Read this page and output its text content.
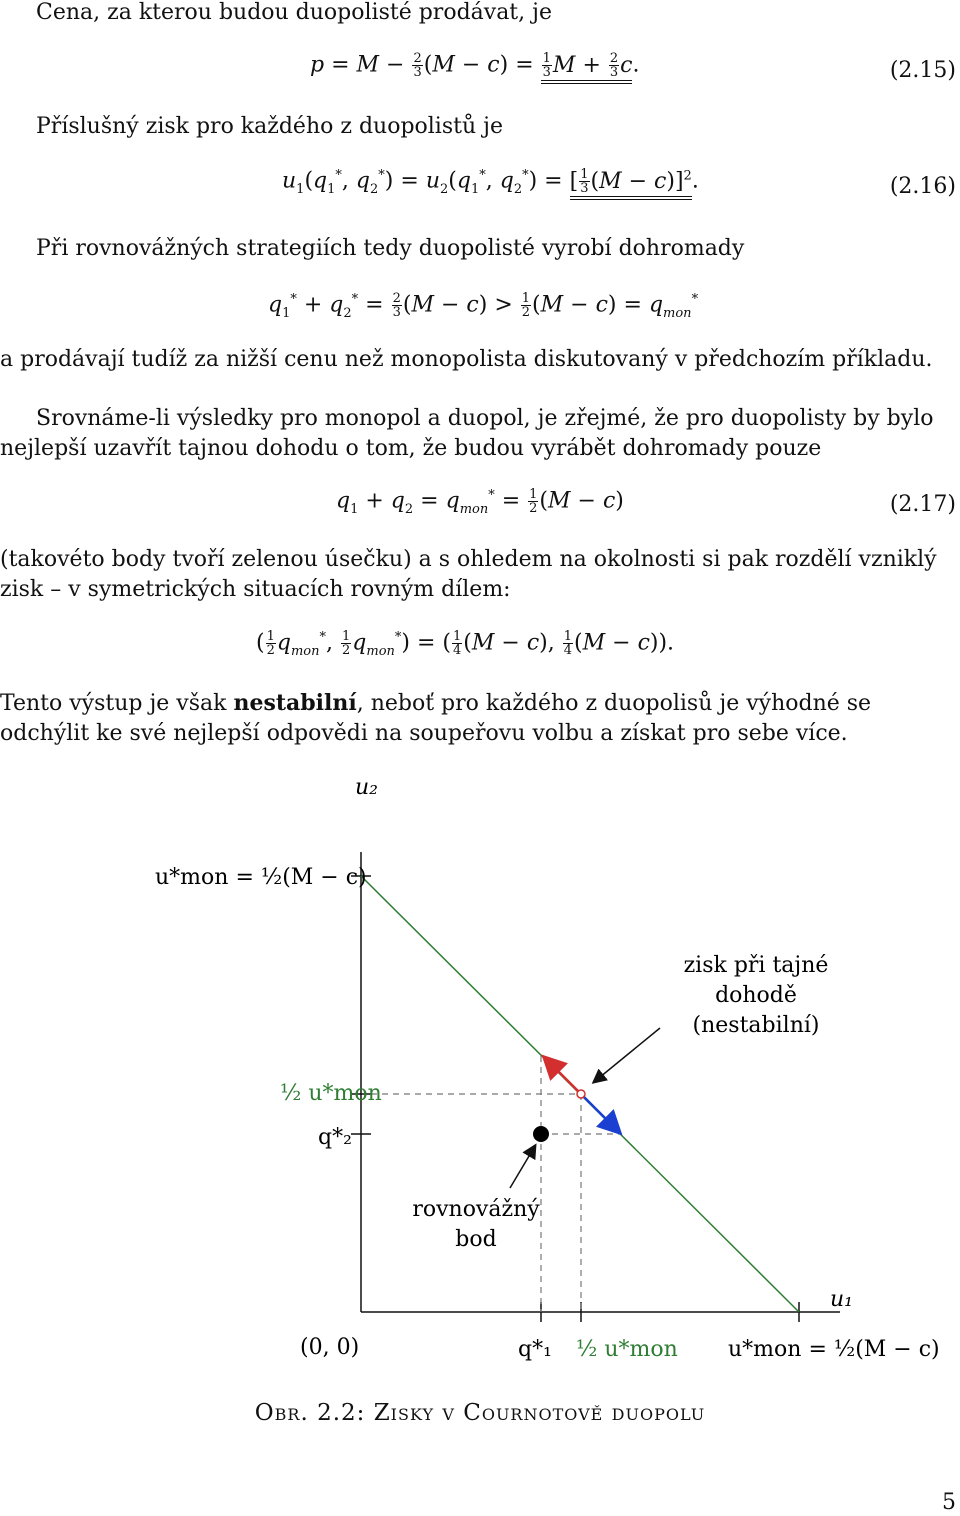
Cena, za kterou budou duopolisté prodávat, je
$p = M - \frac{2}{3} (M - c) = \frac{1}{3}$ $M + \frac{2}{3} c$.	(2.15)
Příslušný zisk pro každého z duopolistů je
$u_1(q_1^*$, $q_2^*) = u_2(q_1^*$, $q_2^*$) = [ $\frac{1}{3} (M - c)]^2$.	(2.16)
Při rovnovážných strategiích tedy duopolisté vyrobí dohromady
$q_1^* + q_2^* = \frac{2}{3} (M - c) > \frac{1}{2} (M - c) = q_{mon}^*$
a prodávají tudíž za nižší cenu než monopolista diskutovaný v předchozím příkladu.
Srovnáme-li výsledky pro monopol a duopol, je zřejmé, že pro duopolisty by bylo nejlepší uzavřít tajnou dohodu o tom, že budou vyrábět dohromady pouze
$q_1 + q_2 = q_{mon}^* = \frac{1}{2} (M - c)$	(2.17)
(takovéto body tvoří zelenou úsečku) a s ohledem na okolnosti si pak rozdělí vzniklý zisk – v symetrických situacích rovným dílem:
( $\frac{1}{2} q_{mon}^*$, $\frac{1}{2} q_{mon}^*$) = ( $\frac{1}{4} (M - c)$, $\frac{1}{4} (M - c)$).
Tento výstup je však nestabilní, neboť pro každého z duopolisů je výhodné se odchýlit ke své nejlepší odpovědi na soupeřovu volbu a získat pro sebe více.
u₂
u₁
(0, 0)
u*mon = ½(M − c)
½ u*mon
q*₂
q*₁ ½ u*mon u*mon = ½(M − c)
zisk při tajné
dohodě
(nestabilní)
rovnovážný
bod
Obr. 2.2: Zisky v Cournotově duopolu
5
